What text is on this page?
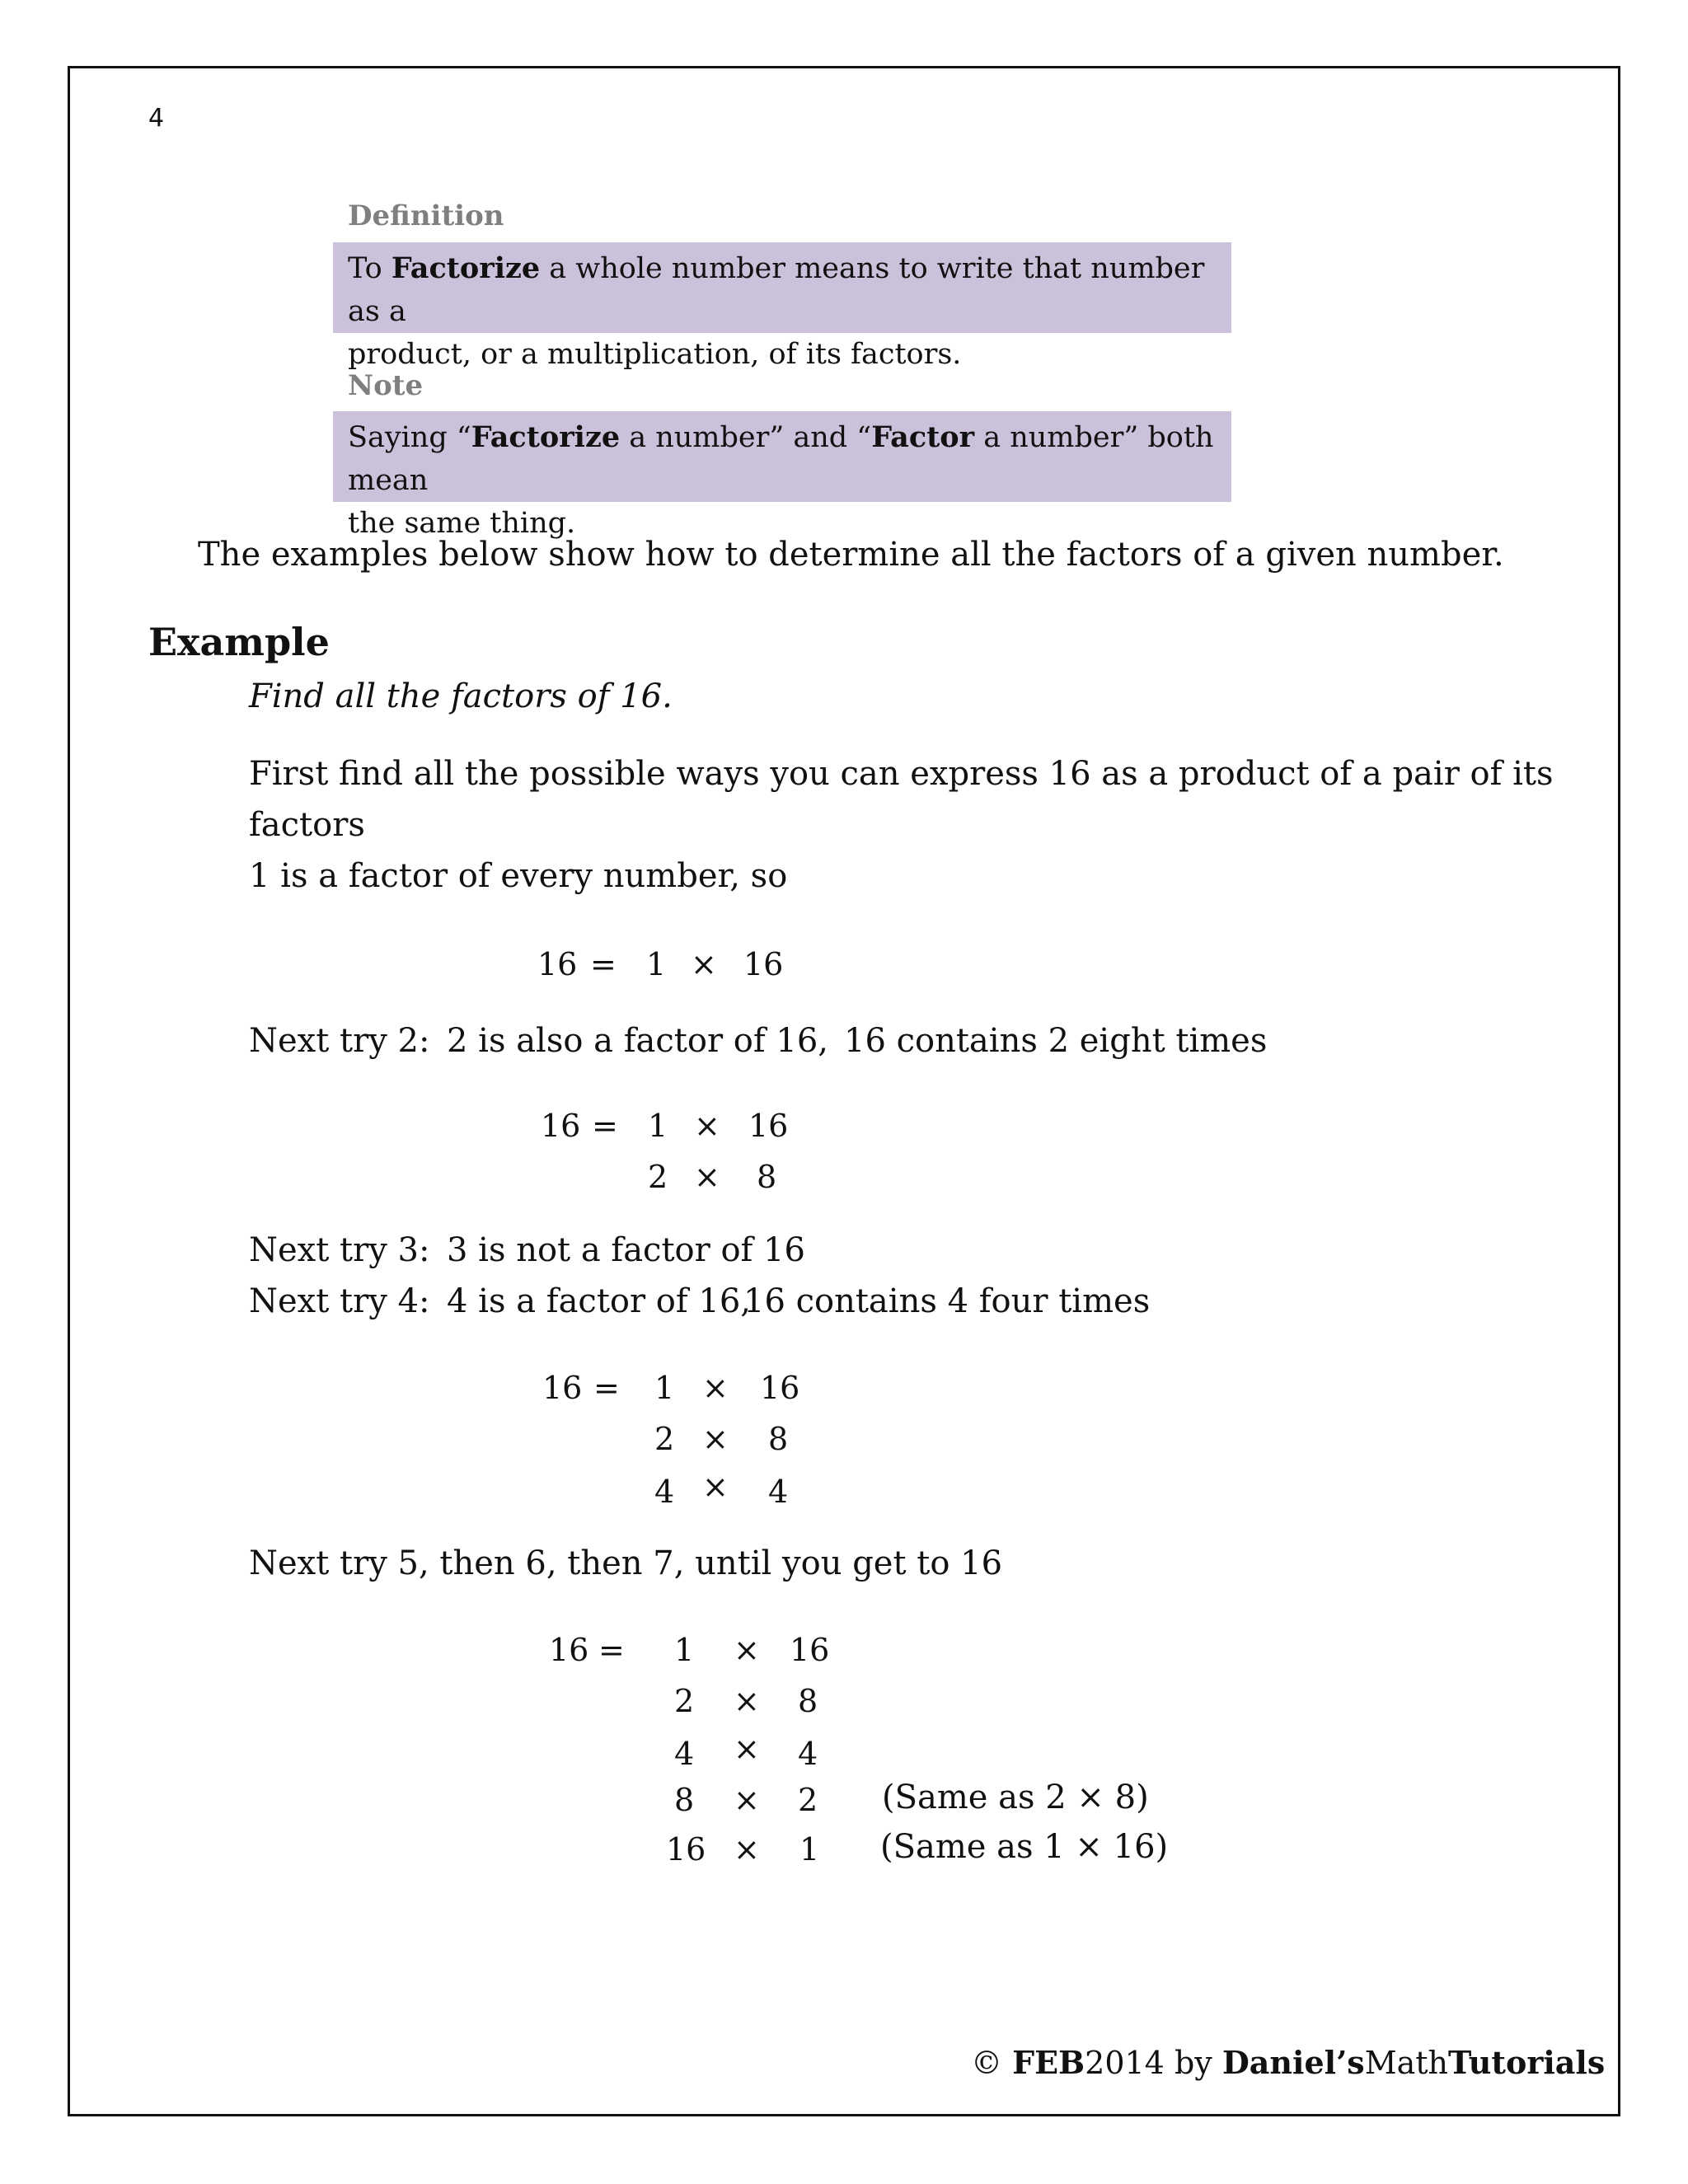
4
Definition
To Factorize a whole number means to write that number as a
product, or a multiplication, of its factors.
Note
Saying “Factorize a number” and “Factor a number” both mean
the same thing.
The examples below show how to determine all the factors of a given number.
Example
Find all the factors of 16.
First find all the possible ways you can express 16 as a product of a pair of its
factors
1 is a factor of every number, so
16 = 1 × 16
Next try 2: 2 is also a factor of 16, 16 contains 2 eight times
16 = 1 × 16
2 × 8
Next try 3: 3 is not a factor of 16
Next try 4: 4 is a factor of 16,
16 contains 4 four times
16 = 1 × 16
2 × 8
4 × 4
Next try 5, then 6, then 7, until you get to 16
16 = 1 × 16
2 × 8
4 × 4
8 × 2 (Same as 2 × 8)
16 × 1 (Same as 1 × 16)
© FEB2014 by Daniel’sMathTutorials
